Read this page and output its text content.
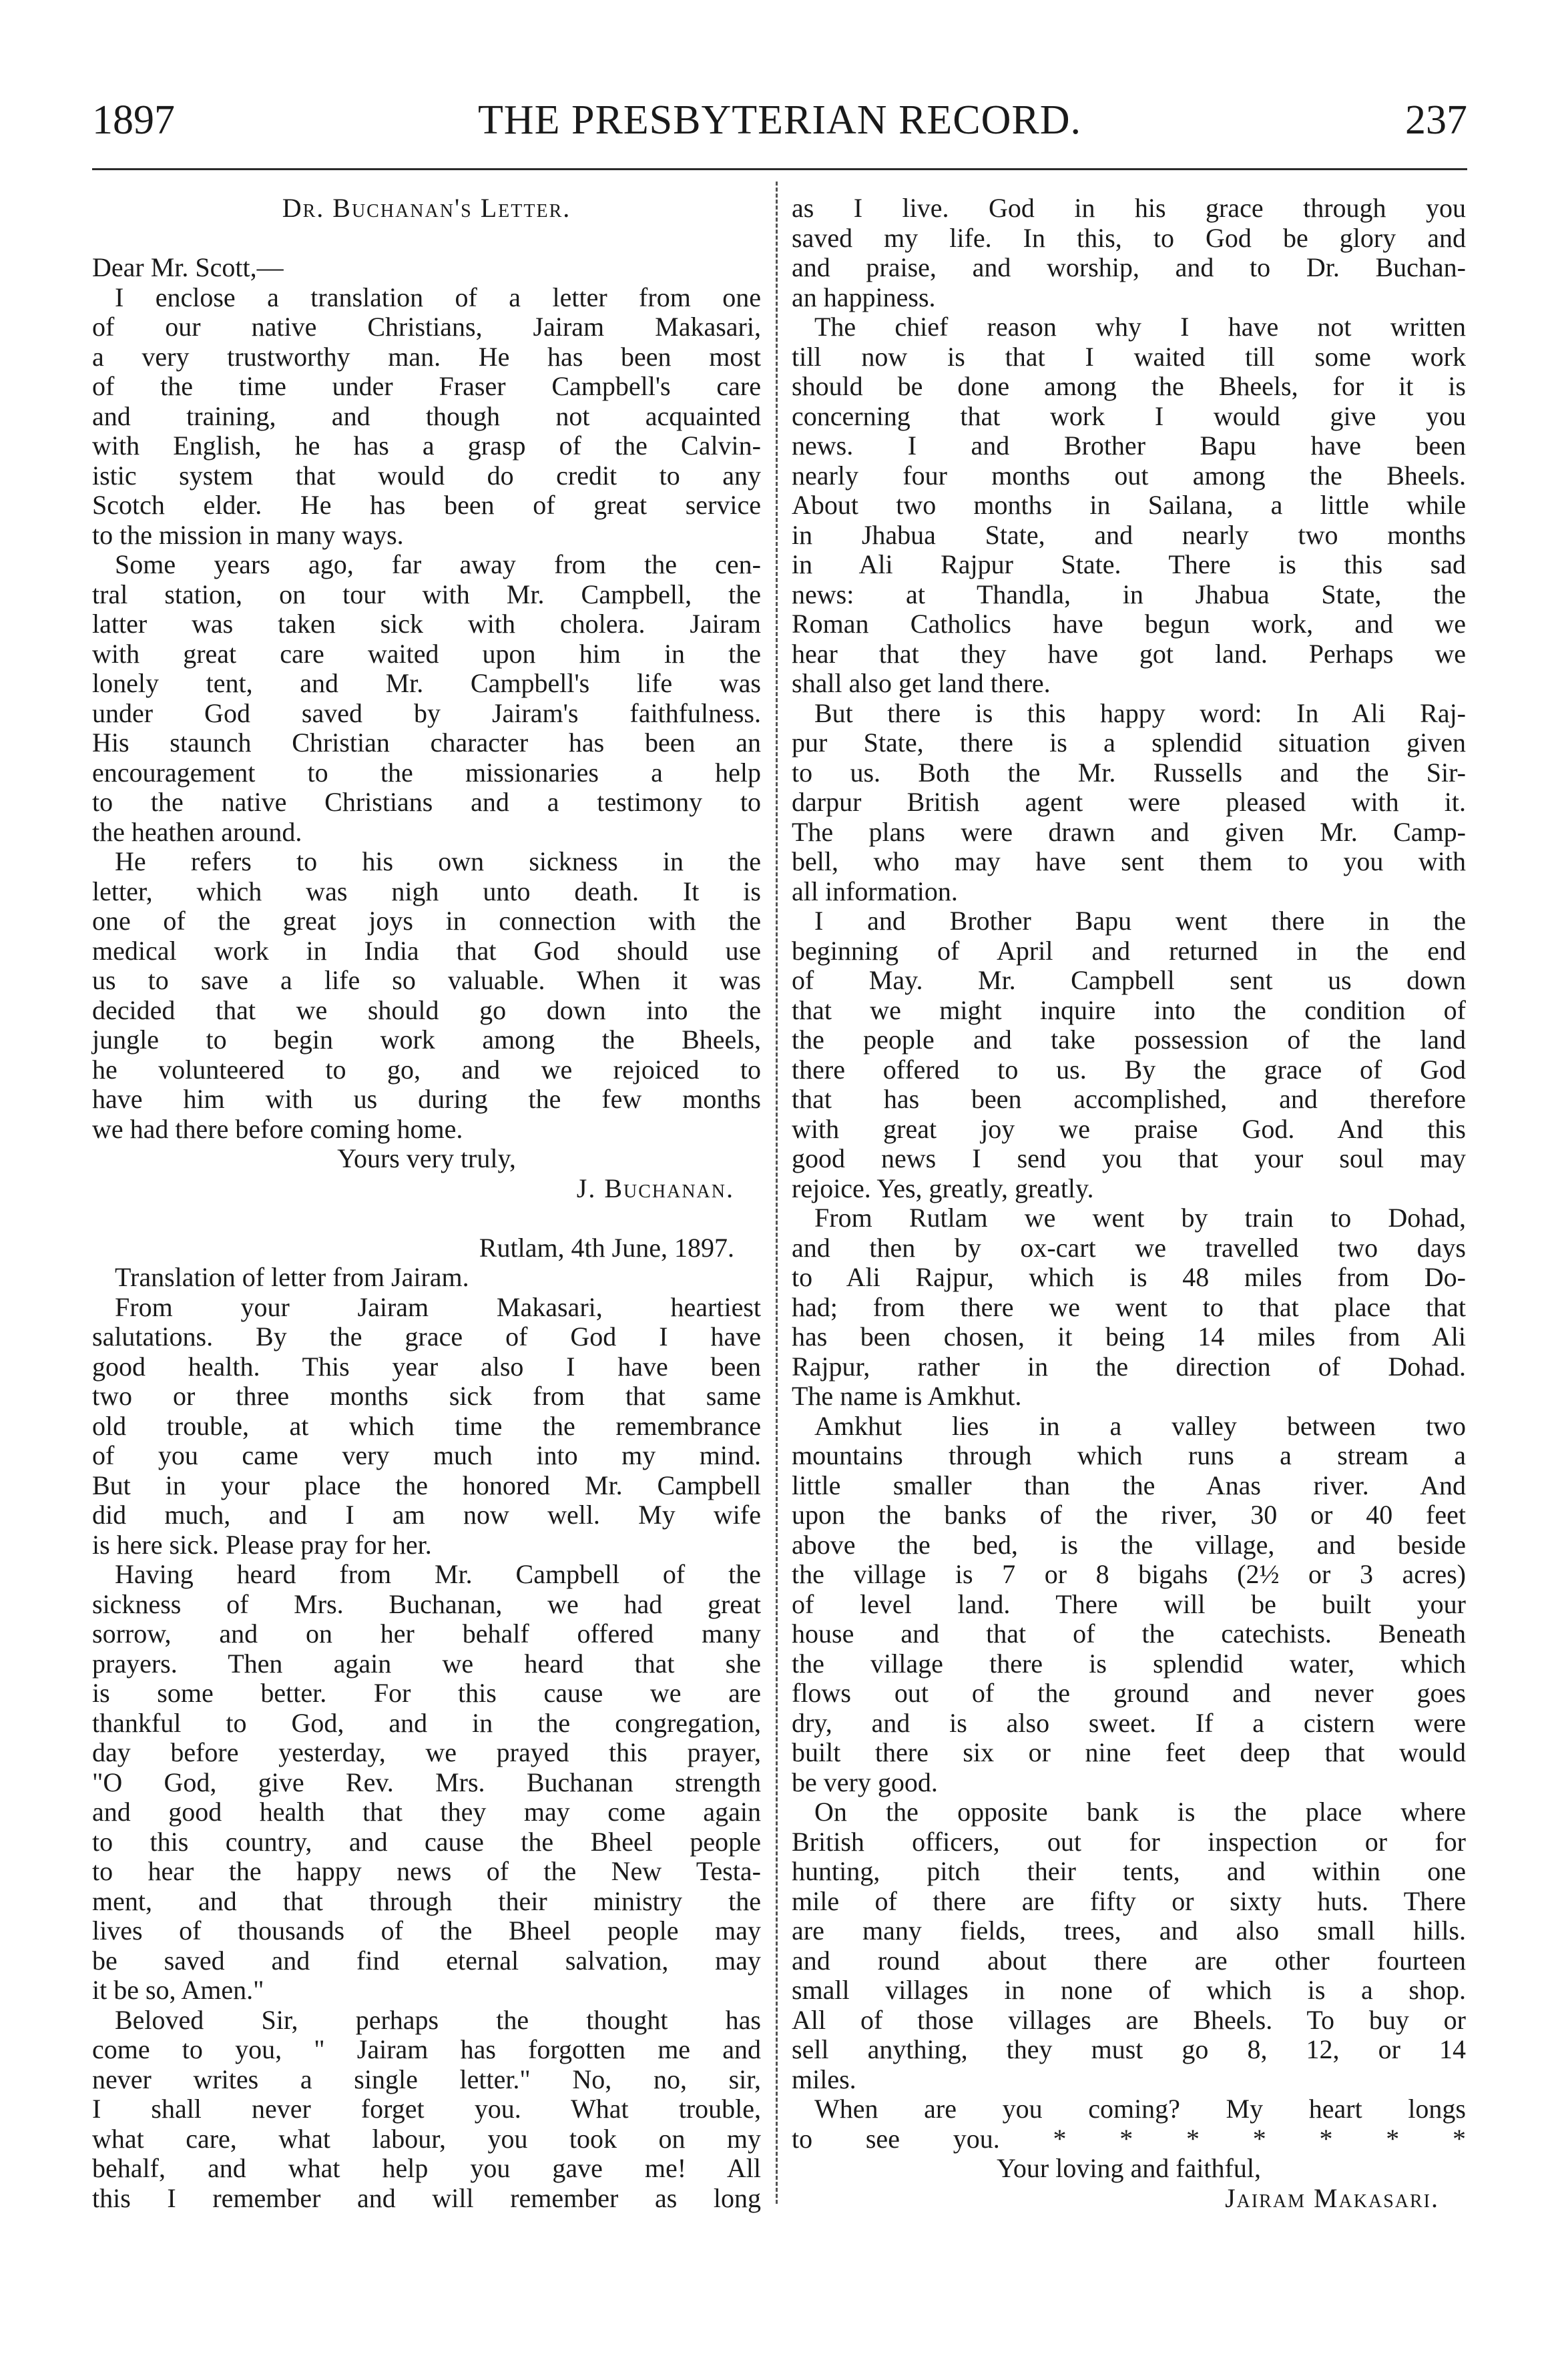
1897	THE PRESBYTERIAN RECORD.	237
Dr. Buchanan's Letter.
Dear Mr. Scott,—
I enclose a translation of a letter from one
of our native Christians, Jairam Makasari,
a very trustworthy man. He has been most
of the time under Fraser Campbell's care
and training, and though not acquainted
with English, he has a grasp of the Calvin-
istic system that would do credit to any
Scotch elder. He has been of great service
to the mission in many ways.
Some years ago, far away from the cen-
tral station, on tour with Mr. Campbell, the
latter was taken sick with cholera. Jairam
with great care waited upon him in the
lonely tent, and Mr. Campbell's life was
under God saved by Jairam's faithfulness.
His staunch Christian character has been an
encouragement to the missionaries a help
to the native Christians and a testimony to
the heathen around.
He refers to his own sickness in the
letter, which was nigh unto death. It is
one of the great joys in connection with the
medical work in India that God should use
us to save a life so valuable. When it was
decided that we should go down into the
jungle to begin work among the Bheels,
he volunteered to go, and we rejoiced to
have him with us during the few months
we had there before coming home.
Yours very truly,
J. Buchanan.
Rutlam, 4th June, 1897.
Translation of letter from Jairam.
From your Jairam Makasari, heartiest
salutations. By the grace of God I have
good health. This year also I have been
two or three months sick from that same
old trouble, at which time the remembrance
of you came very much into my mind.
But in your place the honored Mr. Campbell
did much, and I am now well. My wife
is here sick. Please pray for her.
Having heard from Mr. Campbell of the
sickness of Mrs. Buchanan, we had great
sorrow, and on her behalf offered many
prayers. Then again we heard that she
is some better. For this cause we are
thankful to God, and in the congregation,
day before yesterday, we prayed this prayer,
"O God, give Rev. Mrs. Buchanan strength
and good health that they may come again
to this country, and cause the Bheel people
to hear the happy news of the New Testa-
ment, and that through their ministry the
lives of thousands of the Bheel people may
be saved and find eternal salvation, may
it be so, Amen."
Beloved Sir, perhaps the thought has
come to you, " Jairam has forgotten me and
never writes a single letter." No, no, sir,
I shall never forget you. What trouble,
what care, what labour, you took on my
behalf, and what help you gave me! All
this I remember and will remember as long
as I live. God in his grace through you
saved my life. In this, to God be glory and
and praise, and worship, and to Dr. Buchan-
an happiness.
The chief reason why I have not written
till now is that I waited till some work
should be done among the Bheels, for it is
concerning that work I would give you
news. I and Brother Bapu have been
nearly four months out among the Bheels.
About two months in Sailana, a little while
in Jhabua State, and nearly two months
in Ali Rajpur State. There is this sad
news: at Thandla, in Jhabua State, the
Roman Catholics have begun work, and we
hear that they have got land. Perhaps we
shall also get land there.
But there is this happy word: In Ali Raj-
pur State, there is a splendid situation given
to us. Both the Mr. Russells and the Sir-
darpur British agent were pleased with it.
The plans were drawn and given Mr. Camp-
bell, who may have sent them to you with
all information.
I and Brother Bapu went there in the
beginning of April and returned in the end
of May. Mr. Campbell sent us down
that we might inquire into the condition of
the people and take possession of the land
there offered to us. By the grace of God
that has been accomplished, and therefore
with great joy we praise God. And this
good news I send you that your soul may
rejoice. Yes, greatly, greatly.
From Rutlam we went by train to Dohad,
and then by ox-cart we travelled two days
to Ali Rajpur, which is 48 miles from Do-
had; from there we went to that place that
has been chosen, it being 14 miles from Ali
Rajpur, rather in the direction of Dohad.
The name is Amkhut.
Amkhut lies in a valley between two
mountains through which runs a stream a
little smaller than the Anas river. And
upon the banks of the river, 30 or 40 feet
above the bed, is the village, and beside
the village is 7 or 8 bigahs (2½ or 3 acres)
of level land. There will be built your
house and that of the catechists. Beneath
the village there is splendid water, which
flows out of the ground and never goes
dry, and is also sweet. If a cistern were
built there six or nine feet deep that would
be very good.
On the opposite bank is the place where
British officers, out for inspection or for
hunting, pitch their tents, and within one
mile of there are fifty or sixty huts. There
are many fields, trees, and also small hills.
and round about there are other fourteen
small villages in none of which is a shop.
All of those villages are Bheels. To buy or
sell anything, they must go 8, 12, or 14
miles.
When are you coming? My heart longs
to see you. * * * * * * *
Your loving and faithful,
Jairam Makasari.
